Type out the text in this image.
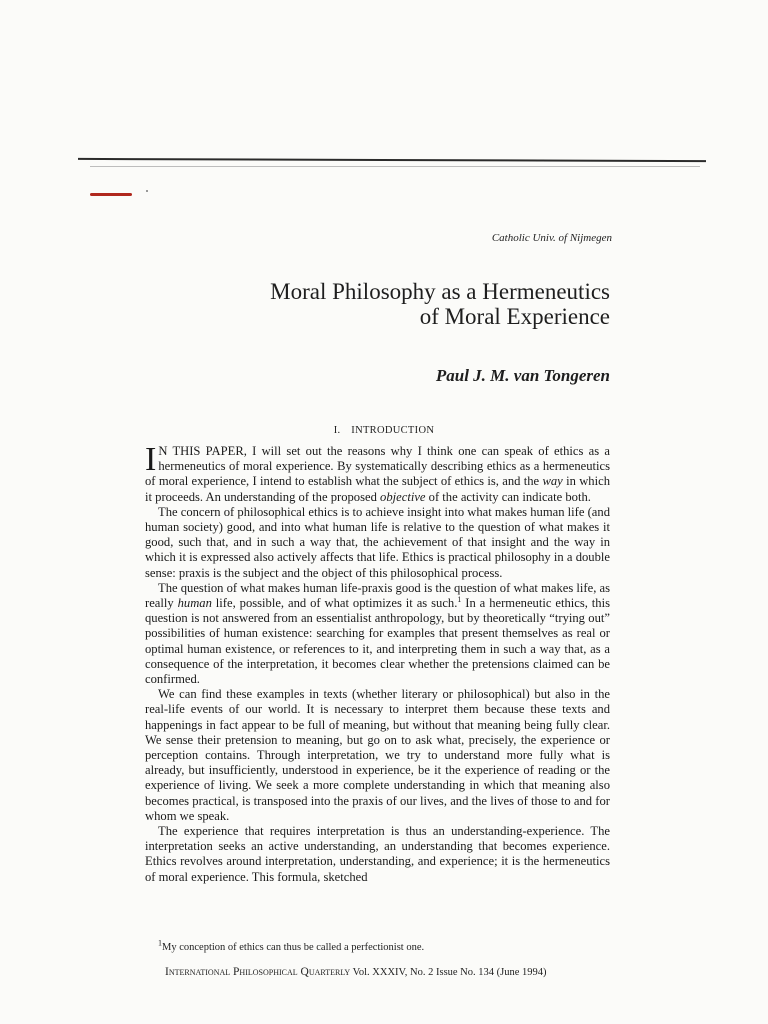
Catholic Univ. of Nijmegen
Moral Philosophy as a Hermeneutics
of Moral Experience
Paul J. M. van Tongeren
I. INTRODUCTION

I N THIS PAPER, I will set out the reasons why I think one can speak of ethics as a hermeneutics of moral experience. By systematically describing ethics as a hermeneutics of moral experience, I intend to establish what the subject of ethics is, and the way in which it proceeds. An understanding of the proposed objective of the activity can indicate both.

The concern of philosophical ethics is to achieve insight into what makes human life (and human society) good, and into what human life is relative to the question of what makes it good, such that, and in such a way that, the achievement of that insight and the way in which it is expressed also actively affects that life. Ethics is practical philosophy in a double sense: praxis is the subject and the object of this philosophical process.

The question of what makes human life-praxis good is the question of what makes life, as really human life, possible, and of what optimizes it as such.$^1$ In a hermeneutic ethics, this question is not answered from an essentialist anthropology, but by theoretically “trying out” possibilities of human existence: searching for examples that present themselves as real or optimal human existence, or references to it, and interpreting them in such a way that, as a consequence of the interpretation, it becomes clear whether the pretensions claimed can be confirmed.

We can find these examples in texts (whether literary or philosophical) but also in the real-life events of our world. It is necessary to interpret them because these texts and happenings in fact appear to be full of meaning, but without that meaning being fully clear. We sense their pretension to meaning, but go on to ask what, precisely, the experience or perception contains. Through interpretation, we try to understand more fully what is already, but insufficiently, understood in experience, be it the experience of reading or the experience of living. We seek a more complete understanding in which that meaning also becomes practical, is transposed into the praxis of our lives, and the lives of those to and for whom we speak.

The experience that requires interpretation is thus an understanding-experience. The interpretation seeks an active understanding, an understanding that becomes experience. Ethics revolves around interpretation, understanding, and experience; it is the hermeneutics of moral experience. This formula, sketched

$^1$My conception of ethics can thus be called a perfectionist one.
International Philosophical Quarterly Vol. XXXIV, No. 2 Issue No. 134 (June 1994)
